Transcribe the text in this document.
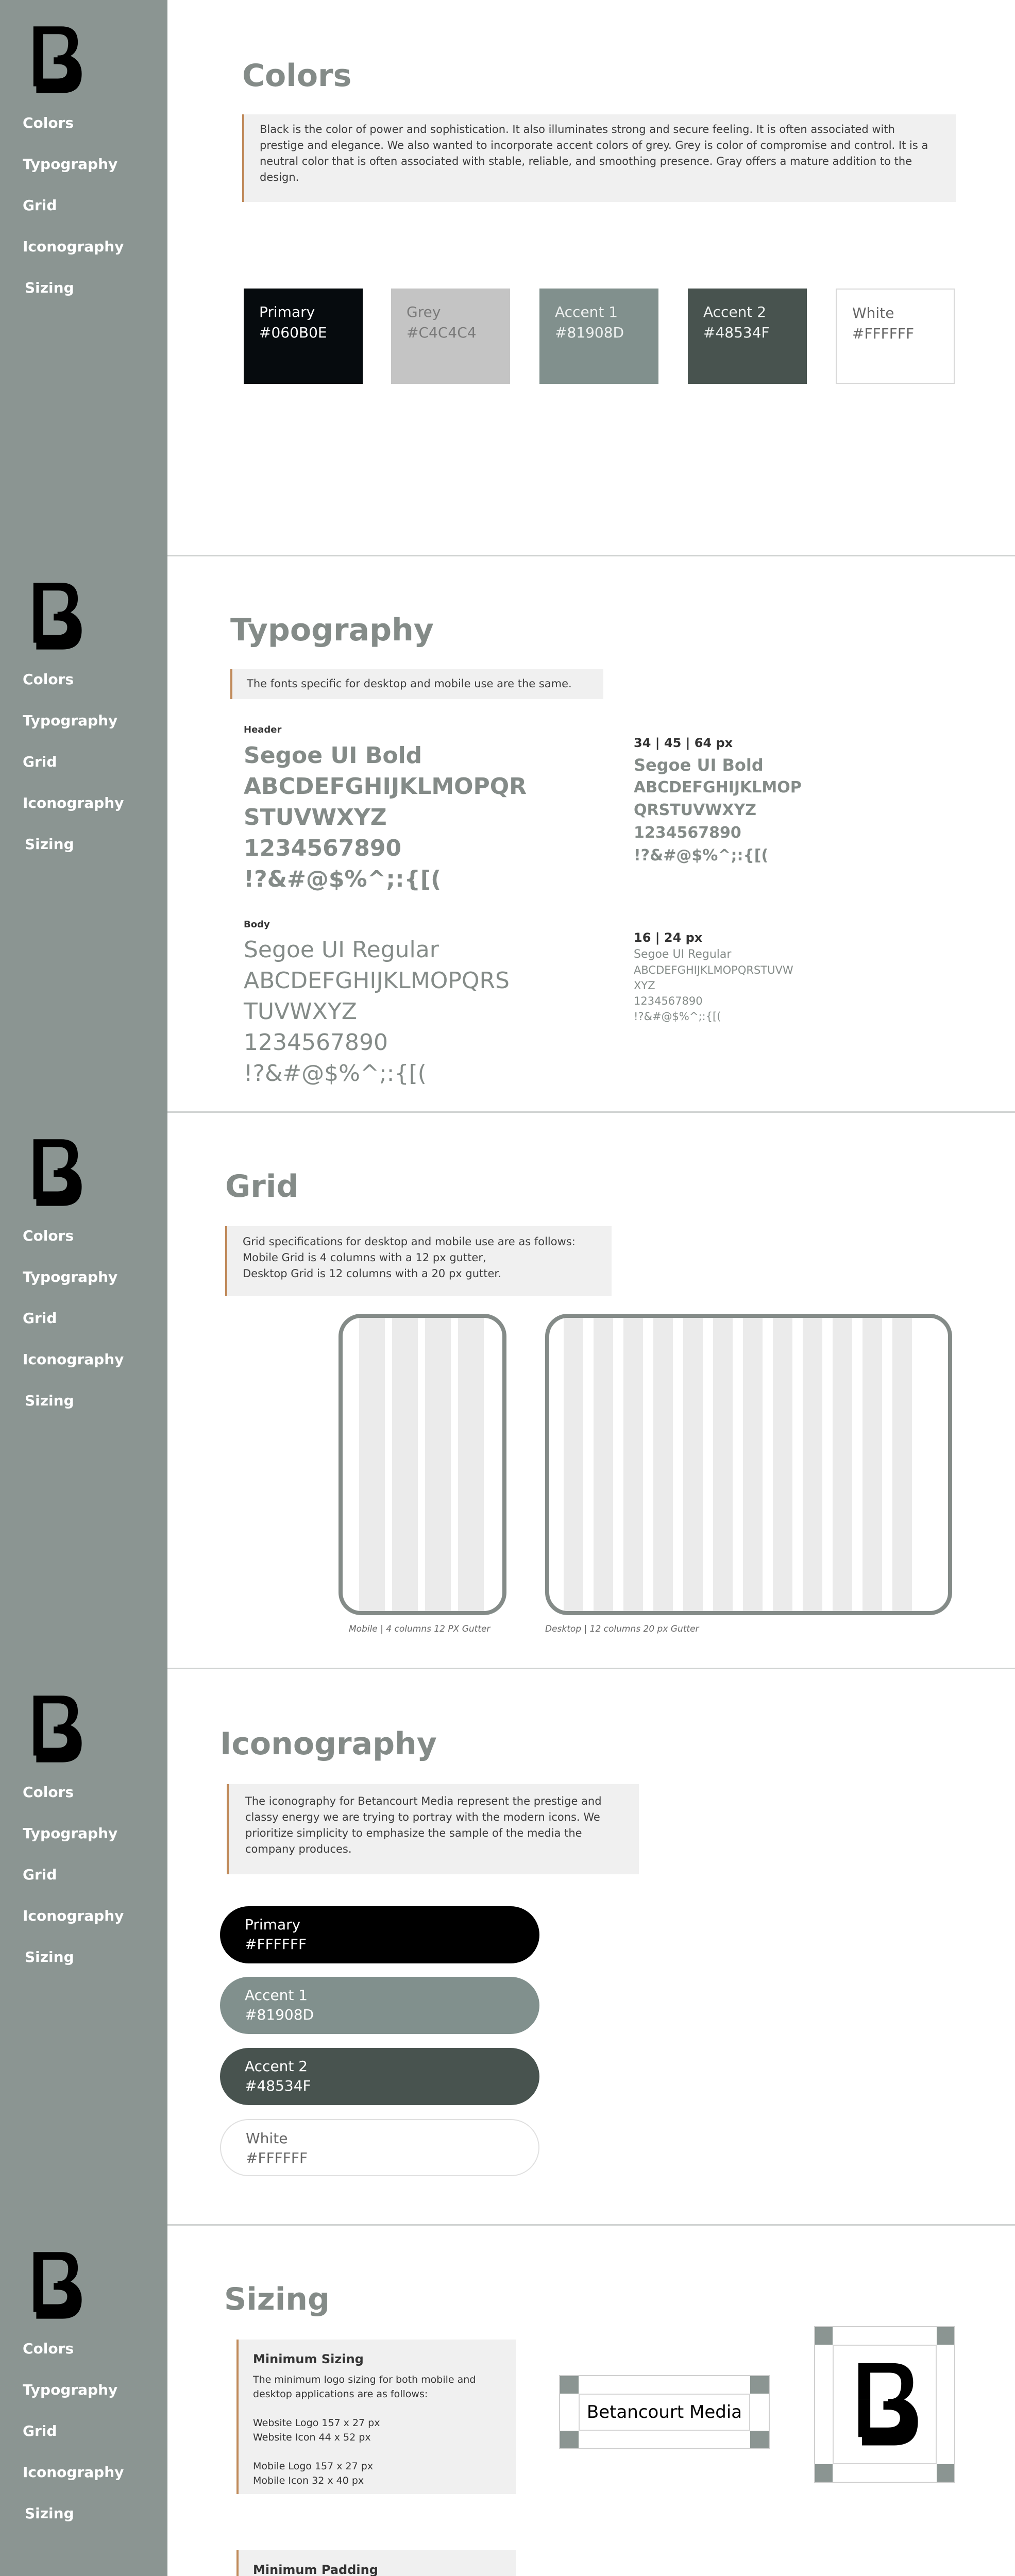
Colors
Typography
Grid
Iconography
Sizing
Colors
Black is the color of power and sophistication. It also illuminates strong and secure feeling. It is often associated with prestige and elegance. We also wanted to incorporate accent colors of grey. Grey is color of compromise and control. It is a neutral color that is often associated with stable, reliable, and smoothing presence. Gray offers a mature addition to the design.
Primary
#060B0E
Grey
#C4C4C4
Accent 1
#81908D
Accent 2
#48534F
White
#FFFFFF
Colors
Typography
Grid
Iconography
Sizing
Typography
The fonts specific for desktop and mobile use are the same.
Header
Segoe UI Bold
ABCDEFGHIJKLMOPQR
STUVWXYZ
1234567890
!?&#@$%^;:{[(
34 | 45 | 64 px
Segoe UI Bold
ABCDEFGHIJKLMOP
QRSTUVWXYZ
1234567890
!?&#@$%^;:{[(
Body
Segoe UI Regular
ABCDEFGHIJKLMOPQRS
TUVWXYZ
1234567890
!?&#@$%^;:{[(
16 | 24 px
Segoe UI Regular
ABCDEFGHIJKLMOPQRSTUVW
XYZ
1234567890
!?&#@$%^;:{[(
Colors
Typography
Grid
Iconography
Sizing
Grid
Grid specifications for desktop and mobile use are as follows:
Mobile Grid is 4 columns with a 12 px gutter,
Desktop Grid is 12 columns with a 20 px gutter.
Mobile | 4 columns 12 PX Gutter	Desktop | 12 columns 20 px Gutter
Colors
Typography
Grid
Iconography
Sizing
Iconography
The iconography for Betancourt Media represent the prestige and classy energy we are trying to portray with the modern icons. We prioritize simplicity to emphasize the sample of the media the company produces.
Primary
#FFFFFF
Accent 1
#81908D
Accent 2
#48534F
White
#FFFFFF
Colors
Typography
Grid
Iconography
Sizing
Sizing
Minimum Sizing
The minimum logo sizing for both mobile and desktop applications are as follows:

Website Logo 157 x 27 px
Website Icon 44 x 52 px

Mobile Logo 157 x 27 px
Mobile Icon 32 x 40 px
Betancourt Media
Minimum Padding
